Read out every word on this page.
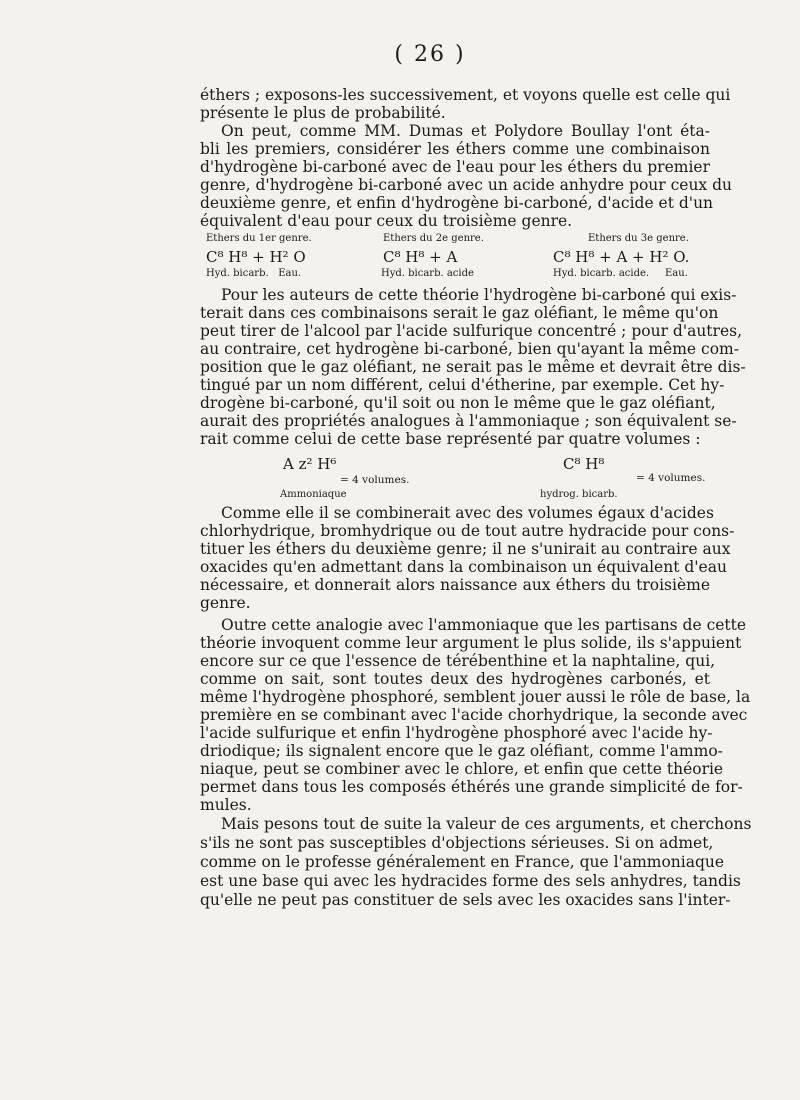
( 26 )
éthers ; exposons-les successivement, et voyons quelle est celle qui
présente le plus de probabilité.
On peut, comme MM. Dumas et Polydore Boullay l'ont éta-
bli les premiers, considérer les éthers comme une combinaison
d'hydrogène bi-carboné avec de l'eau pour les éthers du premier
genre, d'hydrogène bi-carboné avec un acide anhydre pour ceux du
deuxième genre, et enfin d'hydrogène bi-carboné, d'acide et d'un
équivalent d'eau pour ceux du troisième genre.
Ethers du 1er genre.	Ethers du 2e genre.	Ethers du 3e genre.
C⁸ H⁸ + H² O	C⁸ H⁸ + A	C⁸ H⁸ + A + H² O.
Hyd. bicarb.   Eau.	Hyd. bicarb. acide	Hyd. bicarb. acide.     Eau.
Pour les auteurs de cette théorie l'hydrogène bi-carboné qui exis-
terait dans ces combinaisons serait le gaz oléfiant, le même qu'on
peut tirer de l'alcool par l'acide sulfurique concentré ; pour d'autres,
au contraire, cet hydrogène bi-carboné, bien qu'ayant la même com-
position que le gaz oléfiant, ne serait pas le même et devrait être dis-
tingué par un nom différent, celui d'étherine, par exemple. Cet hy-
drogène bi-carboné, qu'il soit ou non le même que le gaz oléfiant,
aurait des propriétés analogues à l'ammoniaque ; son équivalent se-
rait comme celui de cette base représenté par quatre volumes :
A z² H⁶
= 4 volumes.
Ammoniaque
C⁸ H⁸
= 4 volumes.
hydrog. bicarb.
Comme elle il se combinerait avec des volumes égaux d'acides
chlorhydrique, bromhydrique ou de tout autre hydracide pour cons-
tituer les éthers du deuxième genre; il ne s'unirait au contraire aux
oxacides qu'en admettant dans la combinaison un équivalent d'eau
nécessaire, et donnerait alors naissance aux éthers du troisième
genre.
Outre cette analogie avec l'ammoniaque que les partisans de cette
théorie invoquent comme leur argument le plus solide, ils s'appuient
encore sur ce que l'essence de térébenthine et la naphtaline, qui,
comme on sait, sont toutes deux des hydrogènes carbonés, et
même l'hydrogène phosphoré, semblent jouer aussi le rôle de base, la
première en se combinant avec l'acide chorhydrique, la seconde avec
l'acide sulfurique et enfin l'hydrogène phosphoré avec l'acide hy-
driodique; ils signalent encore que le gaz oléfiant, comme l'ammo-
niaque, peut se combiner avec le chlore, et enfin que cette théorie
permet dans tous les composés éthérés une grande simplicité de for-
mules.
Mais pesons tout de suite la valeur de ces arguments, et cherchons
s'ils ne sont pas susceptibles d'objections sérieuses. Si on admet,
comme on le professe généralement en France, que l'ammoniaque
est une base qui avec les hydracides forme des sels anhydres, tandis
qu'elle ne peut pas constituer de sels avec les oxacides sans l'inter-
